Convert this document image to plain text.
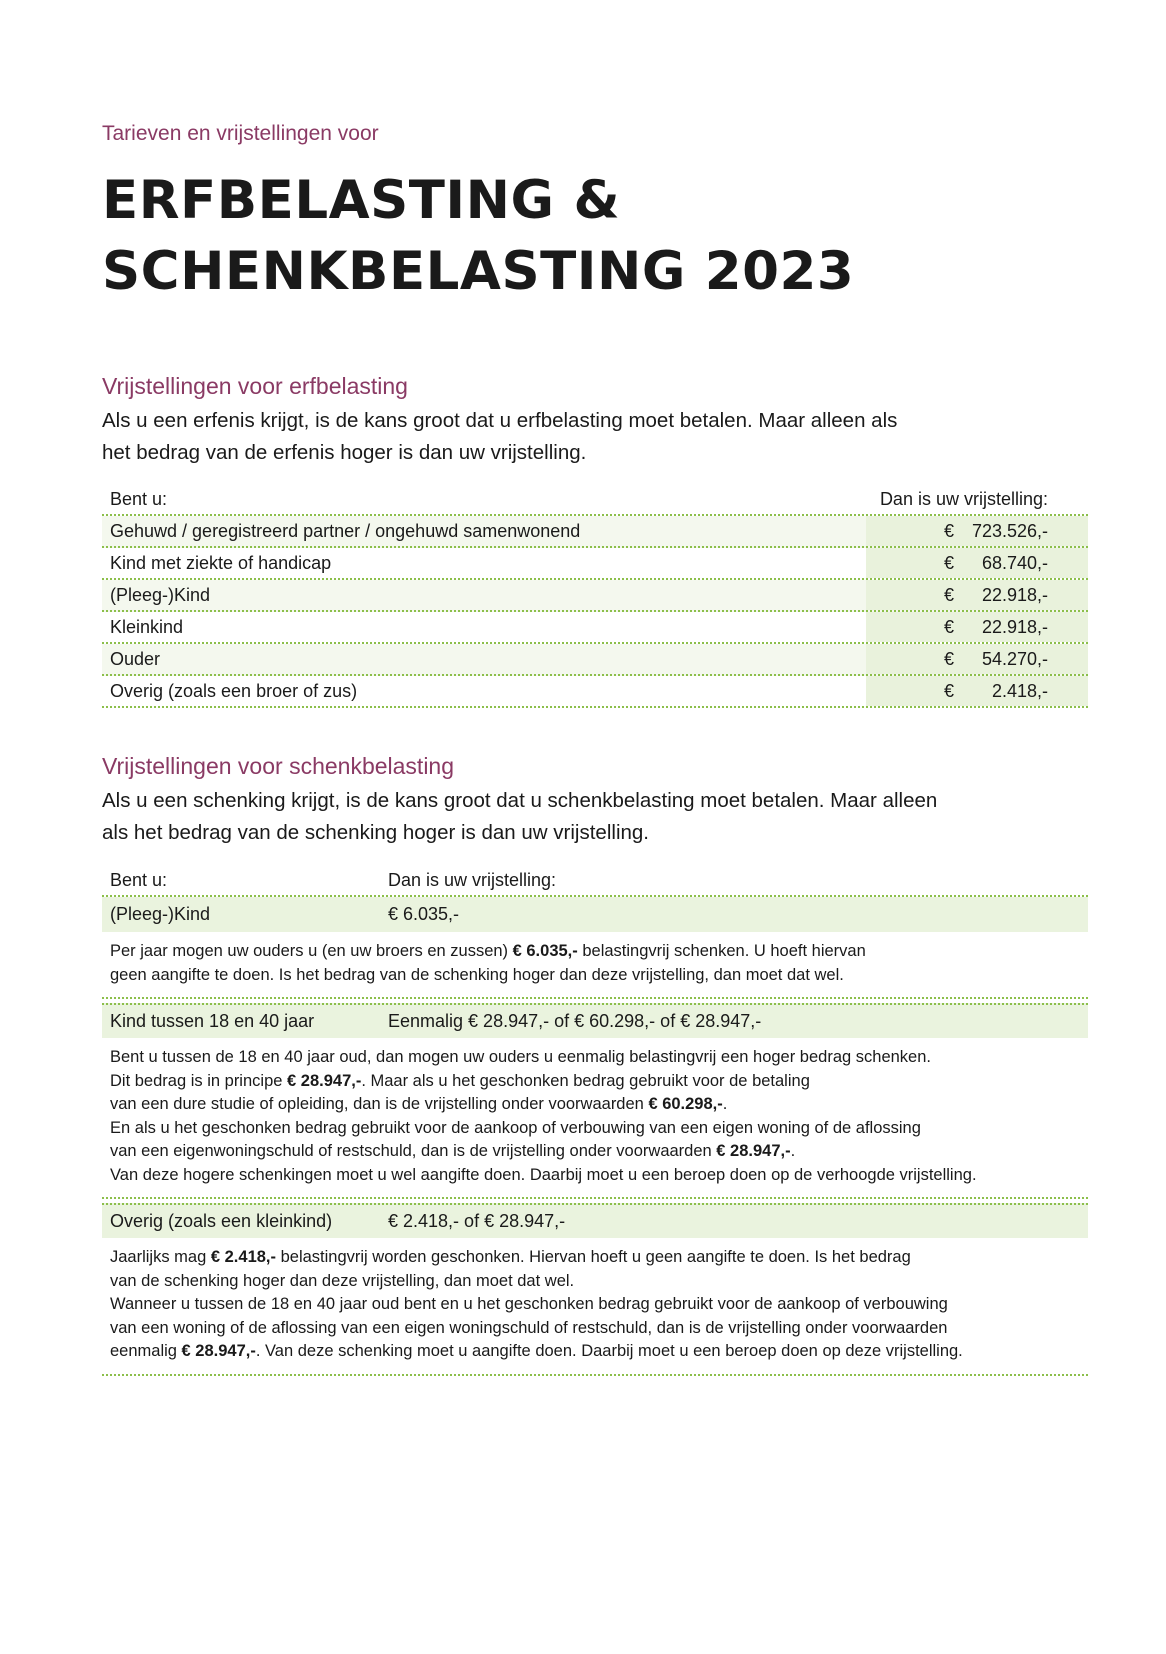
Tarieven en vrijstellingen voor
ERFBELASTING &
SCHENKBELASTING 2023
Vrijstellingen voor erfbelasting
Als u een erfenis krijgt, is de kans groot dat u erfbelasting moet betalen. Maar alleen als
het bedrag van de erfenis hoger is dan uw vrijstelling.
Bent u:	Dan is uw vrijstelling:
Gehuwd / geregistreerd partner / ongehuwd samenwonend	€ 723.526,-
Kind met ziekte of handicap	€	68.740,-
(Pleeg-)Kind	€	22.918,-
Kleinkind	€	22.918,-
Ouder	€	54.270,-
Overig (zoals een broer of zus)	€	2.418,-
Vrijstellingen voor schenkbelasting
Als u een schenking krijgt, is de kans groot dat u schenkbelasting moet betalen. Maar alleen
als het bedrag van de schenking hoger is dan uw vrijstelling.
Bent u:	Dan is uw vrijstelling:
(Pleeg-)Kind	€ 6.035,-
Per jaar mogen uw ouders u (en uw broers en zussen) € 6.035,- belastingvrij schenken. U hoeft hiervan
geen aangifte te doen. Is het bedrag van de schenking hoger dan deze vrijstelling, dan moet dat wel.
Kind tussen 18 en 40 jaar	Eenmalig € 28.947,- of € 60.298,- of € 28.947,-
Bent u tussen de 18 en 40 jaar oud, dan mogen uw ouders u eenmalig belastingvrij een hoger bedrag schenken.
Dit bedrag is in principe € 28.947,-. Maar als u het geschonken bedrag gebruikt voor de betaling
van een dure studie of opleiding, dan is de vrijstelling onder voorwaarden € 60.298,-.
En als u het geschonken bedrag gebruikt voor de aankoop of verbouwing van een eigen woning of de aflossing
van een eigenwoningschuld of restschuld, dan is de vrijstelling onder voorwaarden € 28.947,-.
Van deze hogere schenkingen moet u wel aangifte doen. Daarbij moet u een beroep doen op de verhoogde vrijstelling.
Overig (zoals een kleinkind)	€ 2.418,- of € 28.947,-
Jaarlijks mag € 2.418,- belastingvrij worden geschonken. Hiervan hoeft u geen aangifte te doen. Is het bedrag
van de schenking hoger dan deze vrijstelling, dan moet dat wel.
Wanneer u tussen de 18 en 40 jaar oud bent en u het geschonken bedrag gebruikt voor de aankoop of verbouwing
van een woning of de aflossing van een eigen woningschuld of restschuld, dan is de vrijstelling onder voorwaarden
eenmalig € 28.947,-. Van deze schenking moet u aangifte doen. Daarbij moet u een beroep doen op deze vrijstelling.
